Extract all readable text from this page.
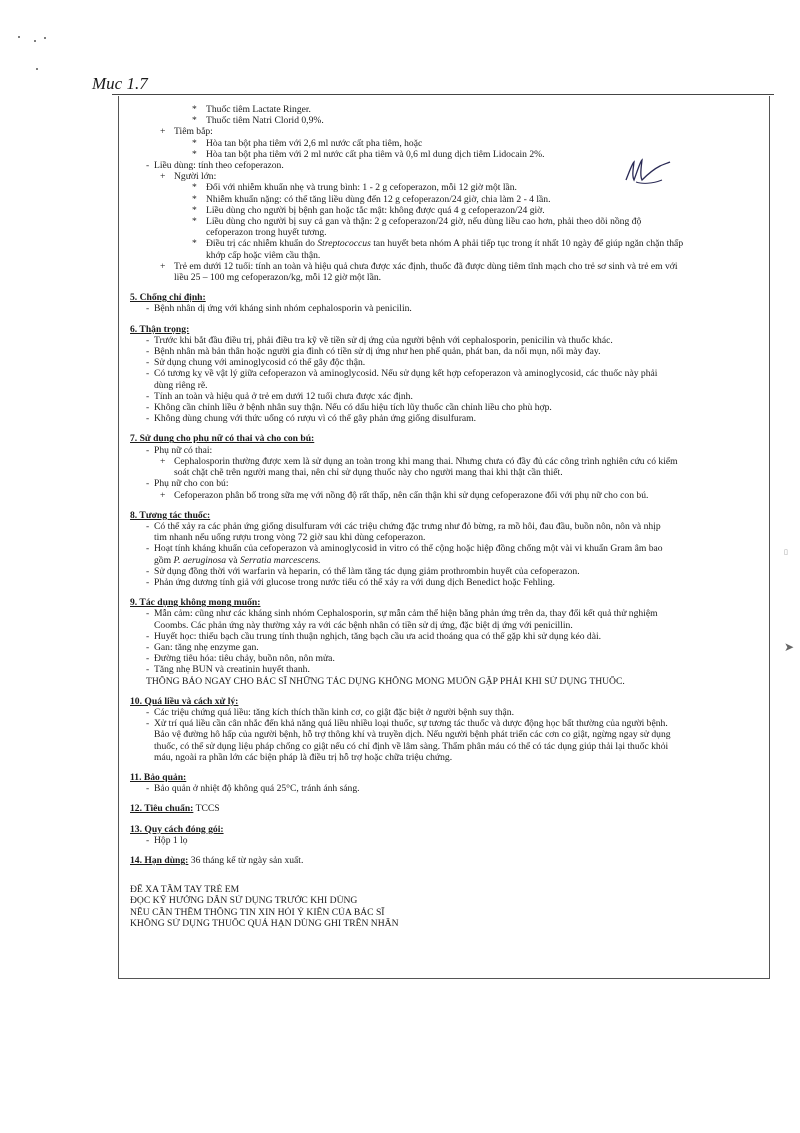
Muc 1.7
▯
➤
* Thuốc tiêm Lactate Ringer.
* Thuốc tiêm Natri Clorid 0,9%.
+ Tiêm bắp:
* Hòa tan bột pha tiêm với 2,6 ml nước cất pha tiêm, hoặc
* Hòa tan bột pha tiêm với 2 ml nước cất pha tiêm và 0,6 ml dung dịch tiêm Lidocain 2%.
- Liều dùng: tính theo cefoperazon.
+ Người lớn:
* Đối với nhiễm khuẩn nhẹ và trung bình: 1 - 2 g cefoperazon, mỗi 12 giờ một lần.
* Nhiễm khuẩn nặng: có thể tăng liều dùng đến 12 g cefoperazon/24 giờ, chia làm 2 - 4 lần.
* Liều dùng cho người bị bệnh gan hoặc tắc mật: không được quá 4 g cefoperazon/24 giờ.
* Liều dùng cho người bị suy cả gan và thận: 2 g cefoperazon/24 giờ, nếu dùng liều cao hơn, phải theo dõi nồng độ
cefoperazon trong huyết tương.
* Điều trị các nhiễm khuẩn do Streptococcus tan huyết beta nhóm A phải tiếp tục trong ít nhất 10 ngày để giúp ngăn chặn thấp
khớp cấp hoặc viêm cầu thận.
+ Trẻ em dưới 12 tuổi: tính an toàn và hiệu quả chưa được xác định, thuốc đã được dùng tiêm tĩnh mạch cho trẻ sơ sinh và trẻ em với
liều 25 – 100 mg cefoperazon/kg, mỗi 12 giờ một lần.
5. Chống chỉ định:
- Bệnh nhân dị ứng với kháng sinh nhóm cephalosporin và penicilin.
6. Thận trọng:
- Trước khi bắt đầu điều trị, phải điều tra kỹ về tiền sử dị ứng của người bệnh với cephalosporin, penicilin và thuốc khác.
- Bệnh nhân mà bản thân hoặc người gia đình có tiền sử dị ứng như hen phế quản, phát ban, da nổi mụn, nổi mày đay.
- Sử dụng chung với aminoglycosid có thể gây độc thận.
- Có tương kỵ về vật lý giữa cefoperazon và aminoglycosid. Nếu sử dụng kết hợp cefoperazon và aminoglycosid, các thuốc này phải
dùng riêng rẽ.
- Tính an toàn và hiệu quả ở trẻ em dưới 12 tuổi chưa được xác định.
- Không cần chỉnh liều ở bệnh nhân suy thận. Nếu có dấu hiệu tích lũy thuốc cần chỉnh liều cho phù hợp.
- Không dùng chung với thức uống có rượu vì có thể gây phản ứng giống disulfuram.
7. Sử dụng cho phụ nữ có thai và cho con bú:
- Phụ nữ có thai:
+ Cephalosporin thường được xem là sử dụng an toàn trong khi mang thai. Nhưng chưa có đầy đủ các công trình nghiên cứu có kiểm
soát chặt chẽ trên người mang thai, nên chỉ sử dụng thuốc này cho người mang thai khi thật cần thiết.
- Phụ nữ cho con bú:
+ Cefoperazon phân bố trong sữa mẹ với nồng độ rất thấp, nên cẩn thận khi sử dụng cefoperazone đối với phụ nữ cho con bú.
8. Tương tác thuốc:
- Có thể xảy ra các phản ứng giống disulfuram với các triệu chứng đặc trưng như đỏ bừng, ra mồ hôi, đau đầu, buồn nôn, nôn và nhịp
tim nhanh nếu uống rượu trong vòng 72 giờ sau khi dùng cefoperazon.
- Hoạt tính kháng khuẩn của cefoperazon và aminoglycosid in vitro có thể cộng hoặc hiệp đồng chống một vài vi khuẩn Gram âm bao
gồm P. aeruginosa và Serratia marcescens.
- Sử dụng đồng thời với warfarin và heparin, có thể làm tăng tác dụng giảm prothrombin huyết của cefoperazon.
- Phản ứng dương tính giả với glucose trong nước tiểu có thể xảy ra với dung dịch Benedict hoặc Fehling.
9. Tác dụng không mong muốn:
- Mẫn cảm: cũng như các kháng sinh nhóm Cephalosporin, sự mẫn cảm thể hiện bằng phản ứng trên da, thay đổi kết quả thử nghiệm
Coombs. Các phản ứng này thường xảy ra với các bệnh nhân có tiền sử dị ứng, đặc biệt dị ứng với penicillin.
- Huyết học: thiếu bạch cầu trung tính thuận nghịch, tăng bạch cầu ưa acid thoáng qua có thể gặp khi sử dụng kéo dài.
- Gan: tăng nhẹ enzyme gan.
- Đường tiêu hóa: tiêu chảy, buồn nôn, nôn mửa.
- Tăng nhẹ BUN và creatinin huyết thanh.
THÔNG BÁO NGAY CHO BÁC SĨ NHỮNG TÁC DỤNG KHÔNG MONG MUỐN GẶP PHẢI KHI SỬ DỤNG THUỐC.
10. Quá liều và cách xử lý:
- Các triệu chứng quá liều: tăng kích thích thần kinh cơ, co giật đặc biệt ở người bệnh suy thận.
- Xử trí quá liều cần cân nhắc đến khả năng quá liều nhiều loại thuốc, sự tương tác thuốc và dược động học bất thường của người bệnh.
Bảo vệ đường hô hấp của người bệnh, hỗ trợ thông khí và truyền dịch. Nếu người bệnh phát triển các cơn co giật, ngừng ngay sử dụng
thuốc, có thể sử dụng liệu pháp chống co giật nếu có chỉ định về lâm sàng. Thẩm phân máu có thể có tác dụng giúp thải lại thuốc khỏi
máu, ngoài ra phần lớn các biện pháp là điều trị hỗ trợ hoặc chữa triệu chứng.
11. Bảo quản:
- Bảo quản ở nhiệt độ không quá 25°C, tránh ánh sáng.
12. Tiêu chuẩn: TCCS
13. Quy cách đóng gói:
- Hộp 1 lọ
14. Hạn dùng: 36 tháng kể từ ngày sản xuất.
ĐỂ XA TẦM TAY TRẺ EM
ĐỌC KỸ HƯỚNG DẪN SỬ DỤNG TRƯỚC KHI DÙNG
NẾU CẦN THÊM THÔNG TIN XIN HỎI Ý KIẾN CỦA BÁC SĨ
KHÔNG SỬ DỤNG THUỐC QUÁ HẠN DÙNG GHI TRÊN NHÃN
